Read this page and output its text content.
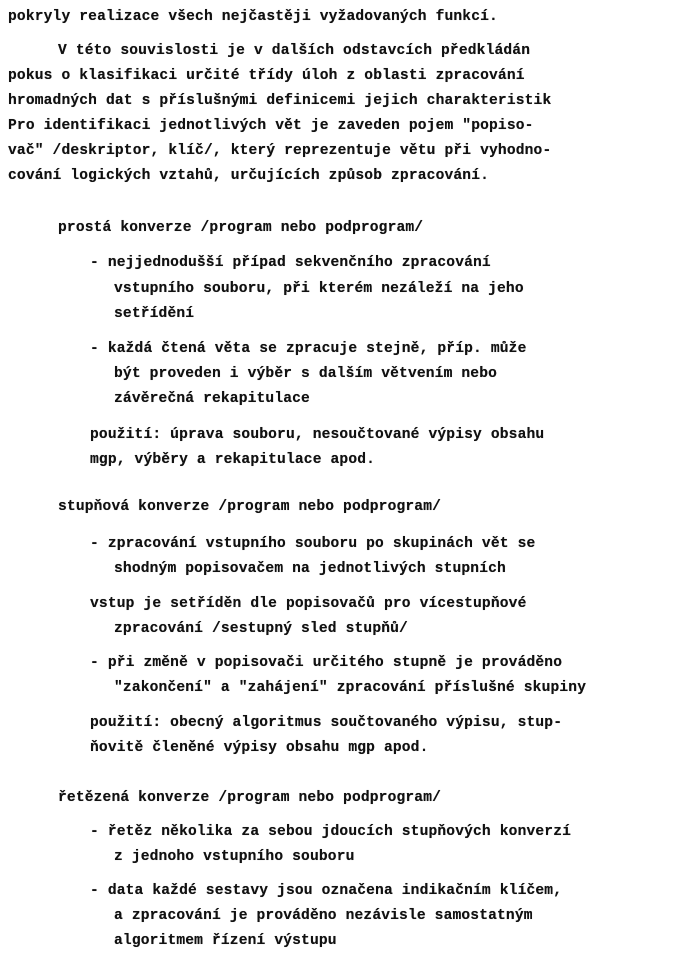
pokryly realizace všech nejčastěji vyžadovaných funkcí.
V této souvislosti je v dalších odstavcích předkládán
pokus o klasifikaci určité třídy úloh z oblasti zpracování
hromadných dat s příslušnými definicemi jejich charakteristik
Pro identifikaci jednotlivých vět je zaveden pojem "popiso-
vač" /deskriptor, klíč/, který reprezentuje větu při vyhodno-
cování logických vztahů, určujících způsob zpracování.
prostá konverze /program nebo podprogram/
- nejjednodušší případ sekvenčního zpracování
vstupního souboru, při kterém nezáleží na jeho
setřídění
- každá čtená věta se zpracuje stejně, příp. může
být proveden i výběr s dalším větvením nebo
závěrečná rekapitulace
použití: úprava souboru, nesoučtované výpisy obsahu
mgp, výběry a rekapitulace apod.
stupňová konverze /program nebo podprogram/
- zpracování vstupního souboru po skupinách vět se
shodným popisovačem na jednotlivých stupních
vstup je setříděn dle popisovačů pro vícestupňové
zpracování /sestupný sled stupňů/
- při změně v popisovači určitého stupně je prováděno
"zakončení" a "zahájení" zpracování příslušné skupiny
použití: obecný algoritmus součtovaného výpisu, stup-
ňovitě členěné výpisy obsahu mgp apod.
řetězená konverze /program nebo podprogram/
- řetěz několika za sebou jdoucích stupňových konverzí
z jednoho vstupního souboru
- data každé sestavy jsou označena indikačním klíčem,
a zpracování je prováděno nezávisle samostatným
algoritmem řízení výstupu
